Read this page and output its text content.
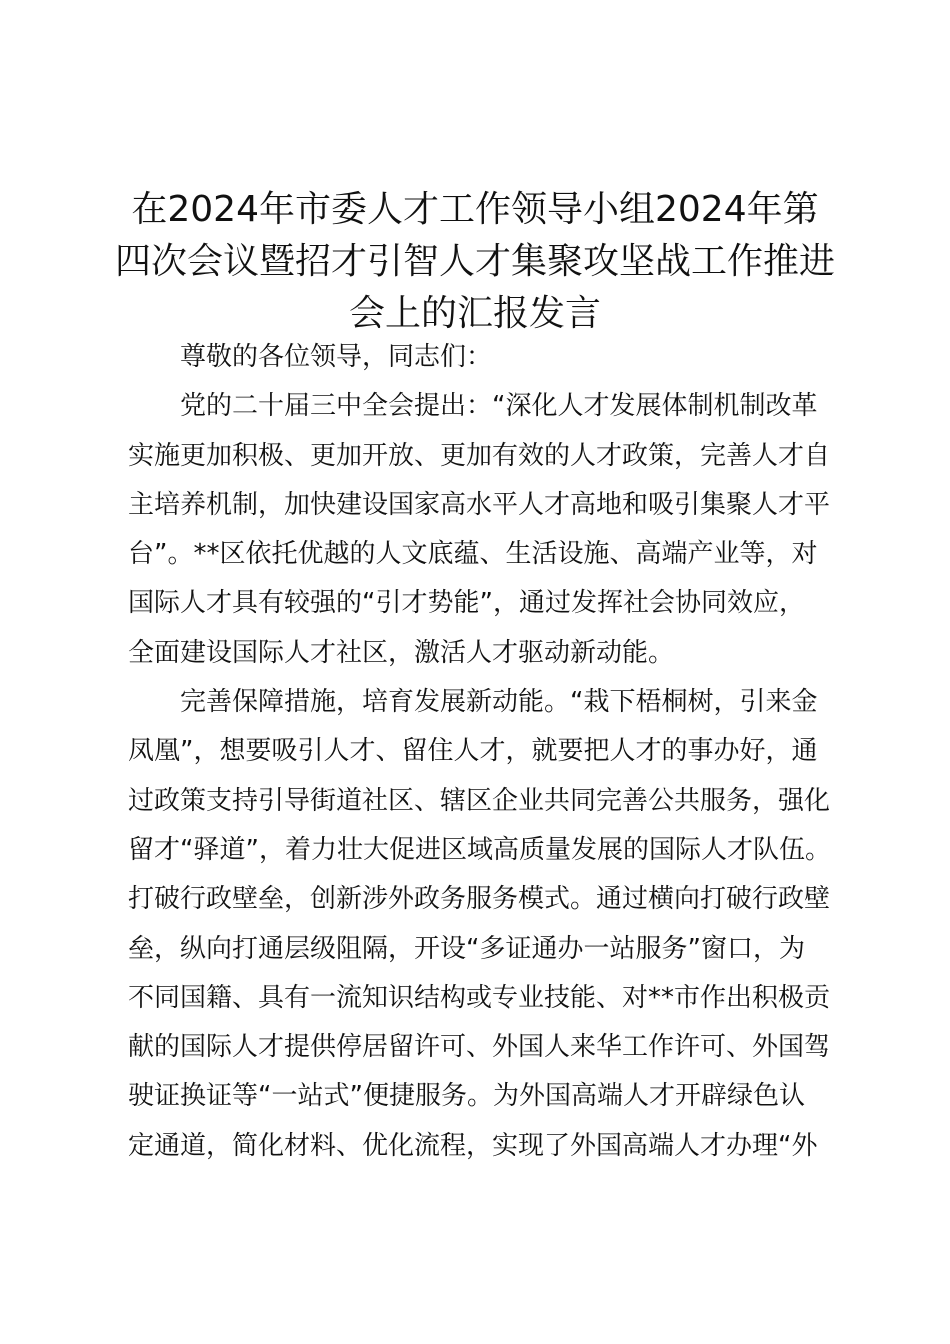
在2024年市委人才工作领导小组2024年第
四次会议暨招才引智人才集聚攻坚战工作推进
会上的汇报发言
尊敬的各位领导，同志们：
党的二十届三中全会提出：“深化人才发展体制机制改革
实施更加积极、更加开放、更加有效的人才政策，完善人才自
主培养机制，加快建设国家高水平人才高地和吸引集聚人才平
台”。**区依托优越的人文底蕴、生活设施、高端产业等，对
国际人才具有较强的“引才势能”，通过发挥社会协同效应，
全面建设国际人才社区，激活人才驱动新动能。
完善保障措施，培育发展新动能。“栽下梧桐树，引来金
凤凰”，想要吸引人才、留住人才，就要把人才的事办好，通
过政策支持引导街道社区、辖区企业共同完善公共服务，强化
留才“驿道”，着力壮大促进区域高质量发展的国际人才队伍。
打破行政壁垒，创新涉外政务服务模式。通过横向打破行政壁
垒，纵向打通层级阻隔，开设“多证通办一站服务”窗口，为
不同国籍、具有一流知识结构或专业技能、对**市作出积极贡
献的国际人才提供停居留许可、外国人来华工作许可、外国驾
驶证换证等“一站式”便捷服务。为外国高端人才开辟绿色认
定通道，简化材料、优化流程，实现了外国高端人才办理“外
